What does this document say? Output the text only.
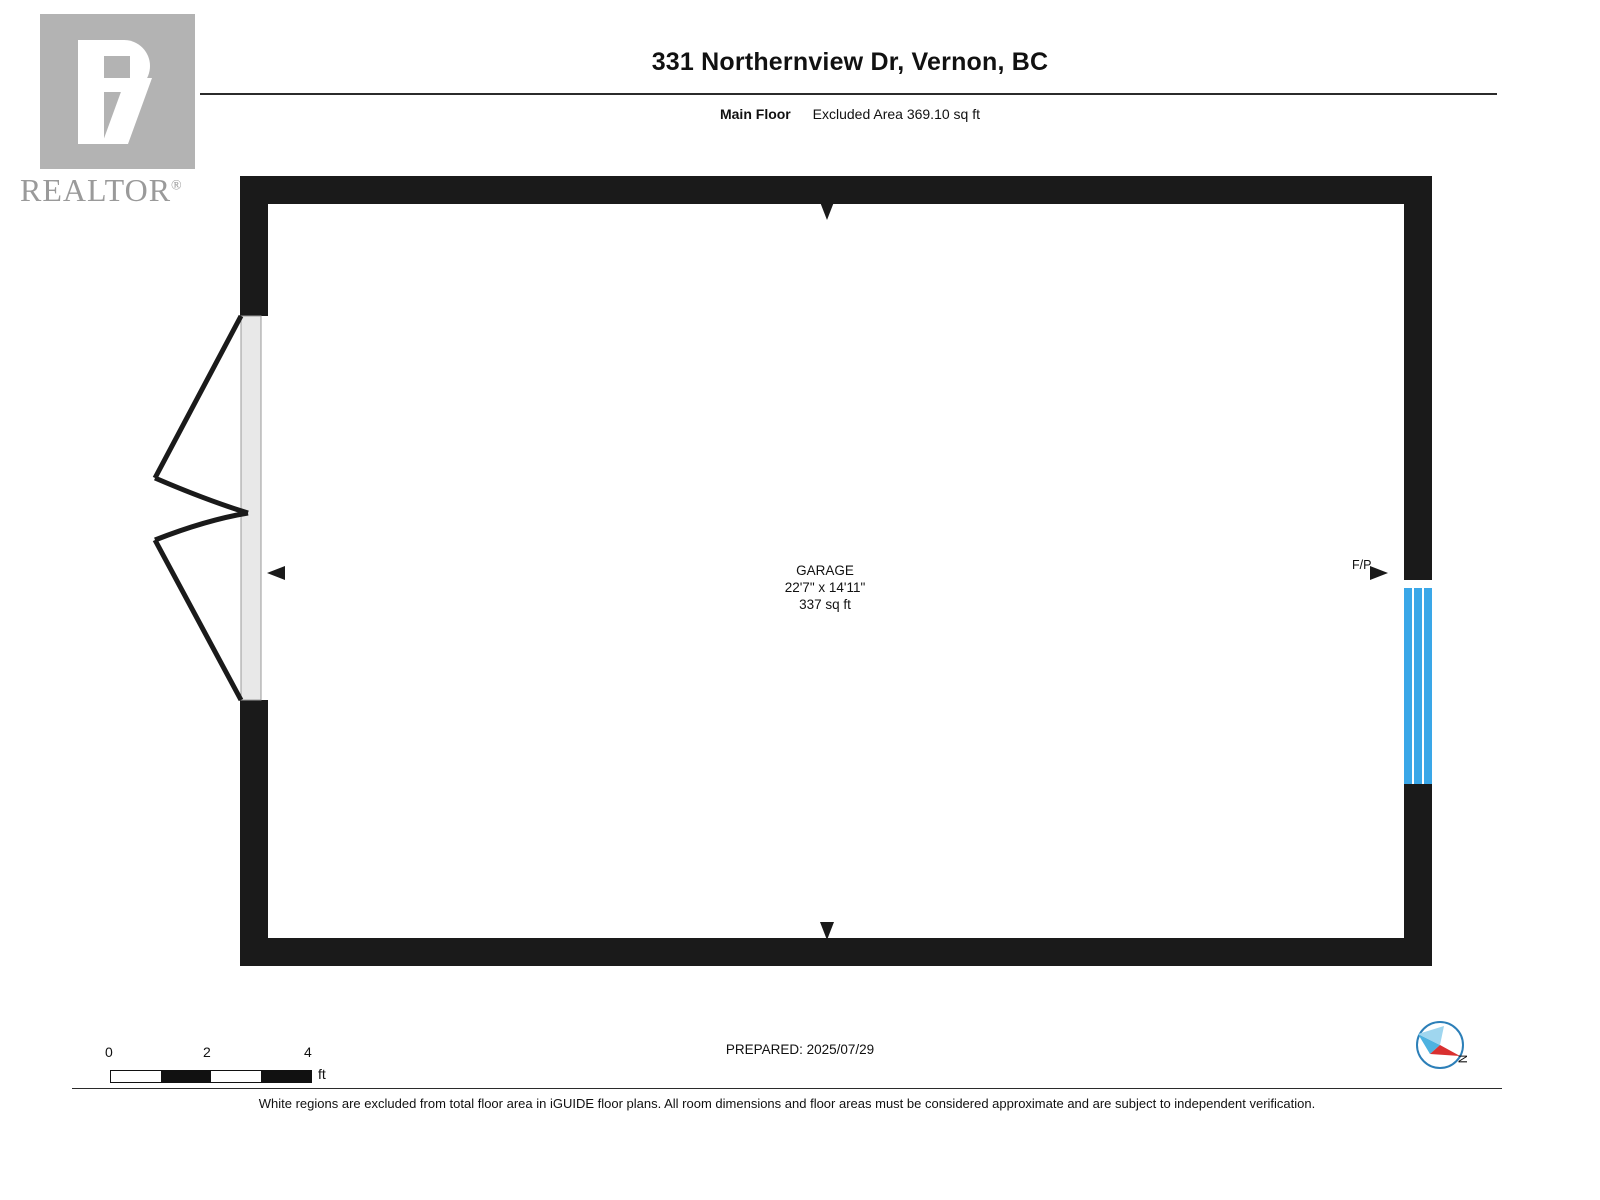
331 Northernview Dr, Vernon, BC
Main Floor Excluded Area 369.10 sq ft
REALTOR®
GARAGE
22'7" x 14'11"
337 sq ft
F/P
0	2	4
ft
PREPARED: 2025/07/29
N
White regions are excluded from total floor area in iGUIDE floor plans. All room dimensions and floor areas must be considered approximate and are subject to independent verification.
